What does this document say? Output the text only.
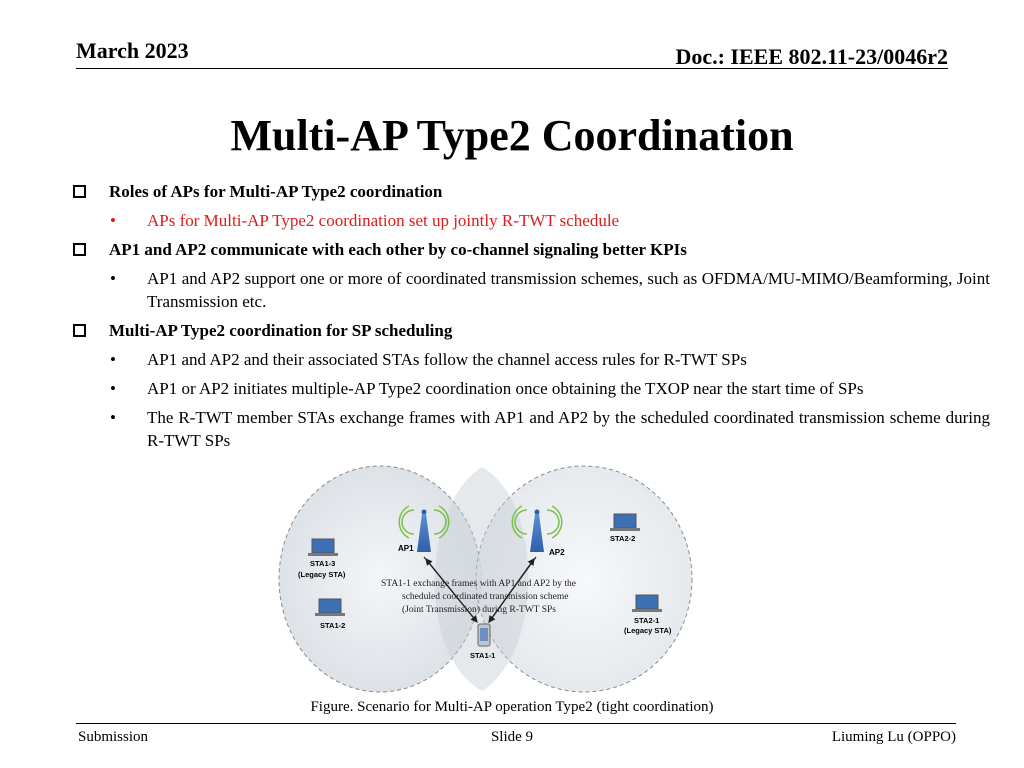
March 2023	Doc.: IEEE 802.11-23/0046r2
Multi-AP Type2 Coordination
Roles of APs for Multi-AP Type2 coordination
• APs for Multi-AP Type2 coordination set up jointly R-TWT schedule
AP1 and AP2 communicate with each other by co-channel signaling better KPIs
• AP1 and AP2 support one or more of coordinated transmission schemes, such as OFDMA/MU-MIMO/Beamforming, Joint Transmission etc.
Multi-AP Type2 coordination for SP scheduling
• AP1 and AP2 and their associated STAs follow the channel access rules for R-TWT SPs
• AP1 or AP2 initiates multiple-AP Type2 coordination once obtaining the TXOP near the start time of SPs
• The R-TWT member STAs exchange frames with AP1 and AP2 by the scheduled coordinated transmission scheme during R-TWT SPs
AP1	AP2
STA1-3
(Legacy STA)
STA1-2
STA2-2
STA2-1
(Legacy STA)
STA1-1
STA1-1 exchange frames with AP1 and AP2 by the
scheduled coordinated transmission scheme
(Joint Transmission) during R-TWT SPs
Figure. Scenario for Multi-AP operation Type2 (tight coordination)
Submission	Slide 9	Liuming Lu (OPPO)
